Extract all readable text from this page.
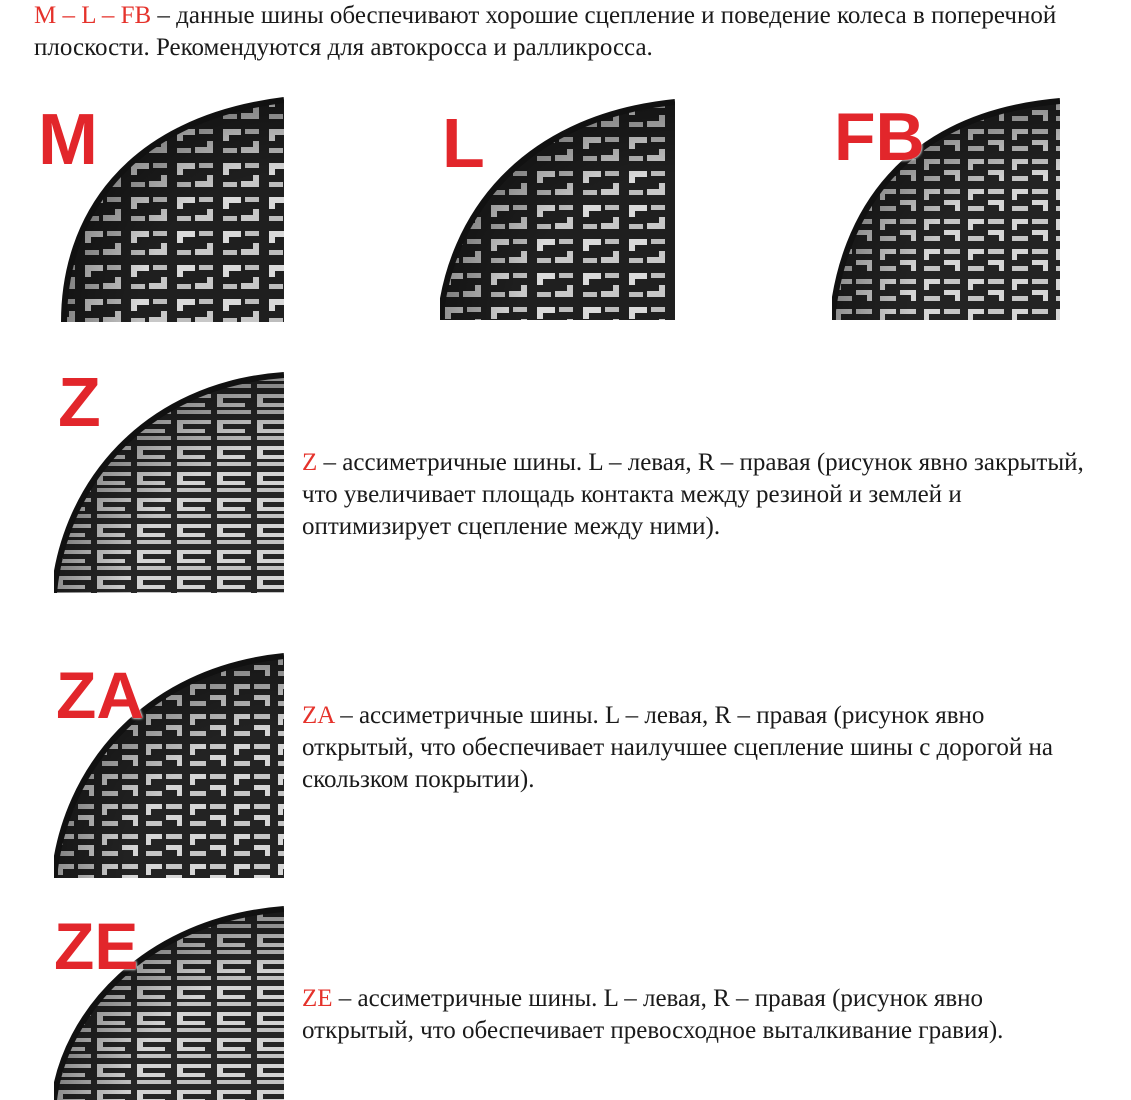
M – L – FB – данные шины обеспечивают хорошие сцепление и поведение колеса в поперечной плоскости. Рекомендуются для автокросса и ралликросса.

M	L	FB
Z

Z – ассиметричные шины. L – левая, R – правая (рисунок явно закрытый, что увеличивает площадь контакта между резиной и землей и оптимизирует сцепление между ними).

ZA	ZA – ассиметричные шины. L – левая, R – правая (рисунок явно открытый, что обеспечивает наилучшее сцепление шины с дорогой на скользком покрытии).

ZE

ZE – ассиметричные шины. L – левая, R – правая (рисунок явно открытый, что обеспечивает превосходное выталкивание гравия).
